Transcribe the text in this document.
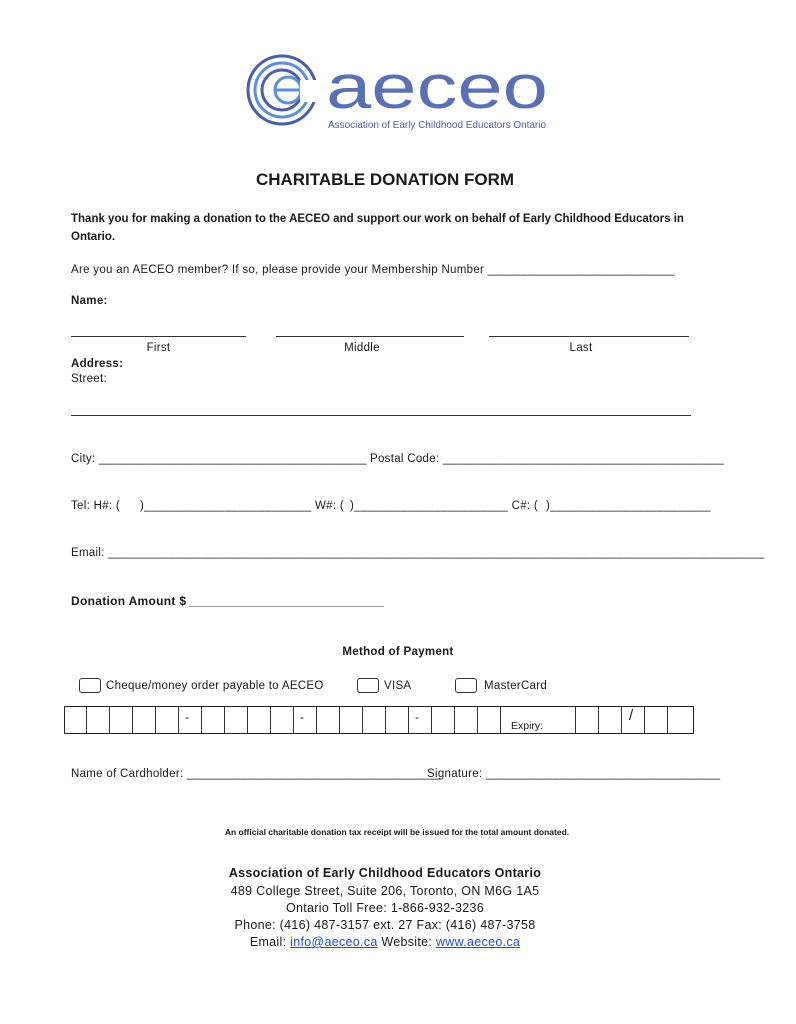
aeceo
Association of Early Childhood Educators Ontario
CHARITABLE DONATION FORM
Thank you for making a donation to the AECEO and support our work on behalf of Early Childhood Educators in Ontario.
Are you an AECEO member? If so, please provide your Membership Number ____________________________
Name:
First	Middle	Last
Address:
Street:
City: ________________________________________ Postal Code: __________________________________________
Tel: H#: ( )_________________________ W#: ( )_______________________ C#: ( )________________________
Email: __________________________________________________________________________________________________
Donation Amount $ ____________________________
Method of Payment
Cheque/money order payable to AECEO	VISA	MasterCard
-	-	-
Expiry:
/
Name of Cardholder: ______________________________________
Signature: ___________________________________
An official charitable donation tax receipt will be issued for the total amount donated.
Association of Early Childhood Educators Ontario
489 College Street, Suite 206, Toronto, ON M6G 1A5
Ontario Toll Free: 1-866-932-3236
Phone: (416) 487-3157 ext. 27 Fax: (416) 487-3758
Email: info@aeceo.ca Website: www.aeceo.ca
